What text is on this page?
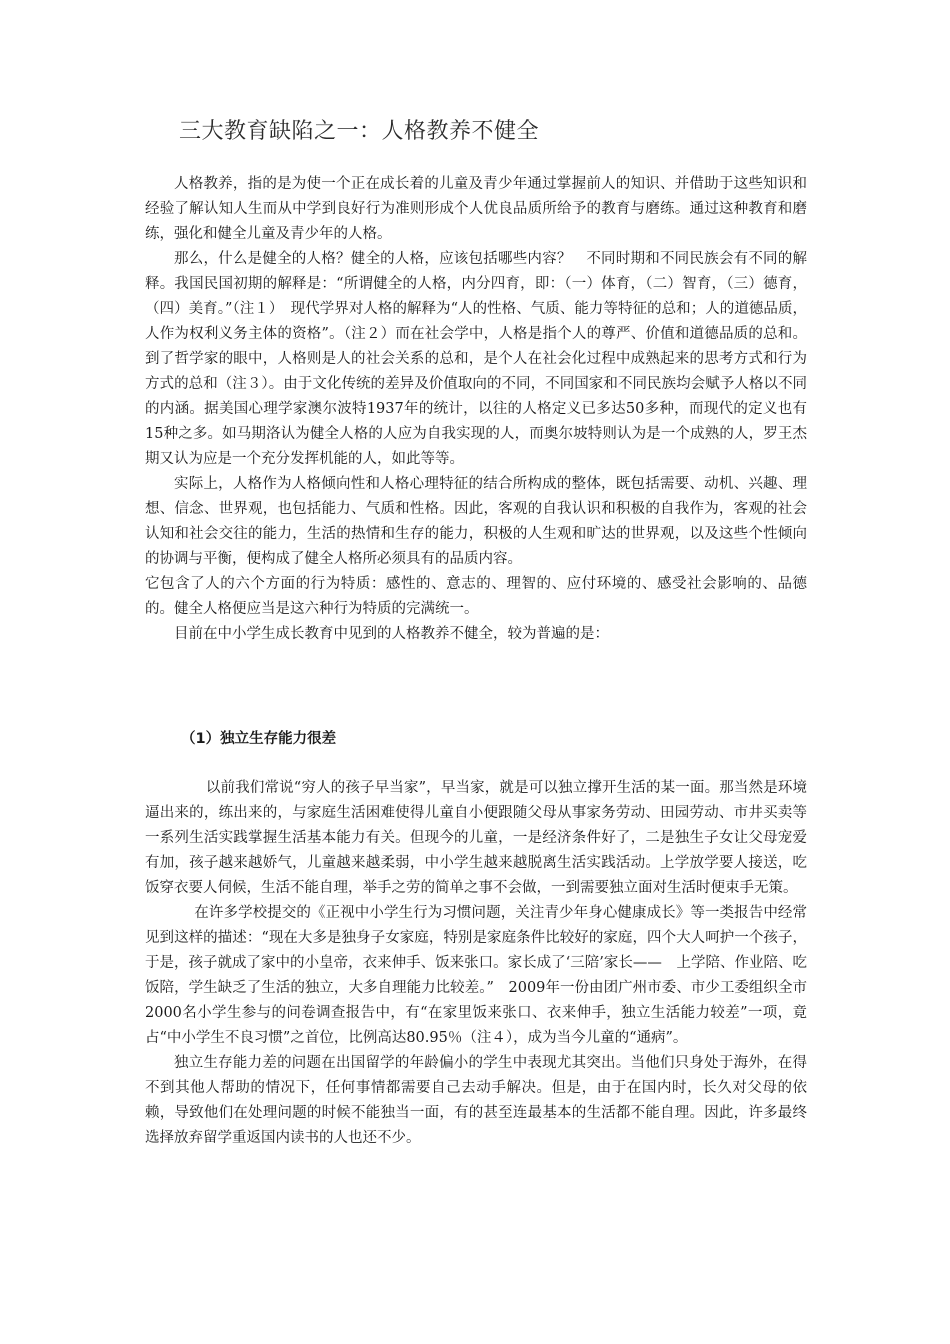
三大教育缺陷之一：人格教养不健全

人格教养，指的是为使一个正在成长着的儿童及青少年通过掌握前人的知识、并借助于这些知识和经验了解认知人生而从中学到良好行为准则形成个人优良品质所给予的教育与磨练。通过这种教育和磨练，强化和健全儿童及青少年的人格。

那么，什么是健全的人格？健全的人格，应该包括哪些内容？　不同时期和不同民族会有不同的解释。我国民国初期的解释是：“所谓健全的人格，内分四育，即：（一）体育，（二）智育，（三）德育，（四）美育。”（注１）　现代学界对人格的解释为“人的性格、气质、能力等特征的总和；人的道德品质，人作为权利义务主体的资格”。（注２）而在社会学中，人格是指个人的尊严、价值和道德品质的总和。到了哲学家的眼中，人格则是人的社会关系的总和，是个人在社会化过程中成熟起来的思考方式和行为方式的总和（注３）。由于文化传统的差异及价值取向的不同，不同国家和不同民族均会赋予人格以不同的内涵。据美国心理学家澳尔波特1937年的统计，以往的人格定义已多达50多种，而现代的定义也有15种之多。如马期洛认为健全人格的人应为自我实现的人，而奥尔坡特则认为是一个成熟的人，罗王杰期又认为应是一个充分发挥机能的人，如此等等。

实际上，人格作为人格倾向性和人格心理特征的结合所构成的整体，既包括需要、动机、兴趣、理想、信念、世界观，也包括能力、气质和性格。因此，客观的自我认识和积极的自我作为，客观的社会认知和社会交往的能力，生活的热情和生存的能力，积极的人生观和旷达的世界观，以及这些个性倾向的协调与平衡，便构成了健全人格所必须具有的品质内容。

它包含了人的六个方面的行为特质：感性的、意志的、理智的、应付环境的、感受社会影响的、品德的。健全人格便应当是这六种行为特质的完满统一。

目前在中小学生成长教育中见到的人格教养不健全，较为普遍的是：

（1）独立生存能力很差

以前我们常说“穷人的孩子早当家”，早当家，就是可以独立撑开生活的某一面。那当然是环境逼出来的，练出来的，与家庭生活困难使得儿童自小便跟随父母从事家务劳动、田园劳动、市井买卖等一系列生活实践掌握生活基本能力有关。但现今的儿童，一是经济条件好了，二是独生子女让父母宠爱有加，孩子越来越娇气，儿童越来越柔弱，中小学生越来越脱离生活实践活动。上学放学要人接送，吃饭穿衣要人伺候，生活不能自理，举手之劳的简单之事不会做，一到需要独立面对生活时便束手无策。

在许多学校提交的《正视中小学生行为习惯问题，关注青少年身心健康成长》等一类报告中经常见到这样的描述：“现在大多是独身子女家庭，特别是家庭条件比较好的家庭，四个大人呵护一个孩子，于是，孩子就成了家中的小皇帝，衣来伸手、饭来张口。家长成了‘三陪’家长——　上学陪、作业陪、吃饭陪，学生缺乏了生活的独立，大多自理能力比较差。”　2009年一份由团广州市委、市少工委组织全市2000名小学生参与的问卷调查报告中，有“在家里饭来张口、衣来伸手，独立生活能力较差”一项，竟占“中小学生不良习惯”之首位，比例高达80.95％（注４），成为当今儿童的“通病”。

独立生存能力差的问题在出国留学的年龄偏小的学生中表现尤其突出。当他们只身处于海外，在得不到其他人帮助的情况下，任何事情都需要自己去动手解决。但是，由于在国内时，长久对父母的依赖，导致他们在处理问题的时候不能独当一面，有的甚至连最基本的生活都不能自理。因此，许多最终选择放弃留学重返国内读书的人也还不少。
